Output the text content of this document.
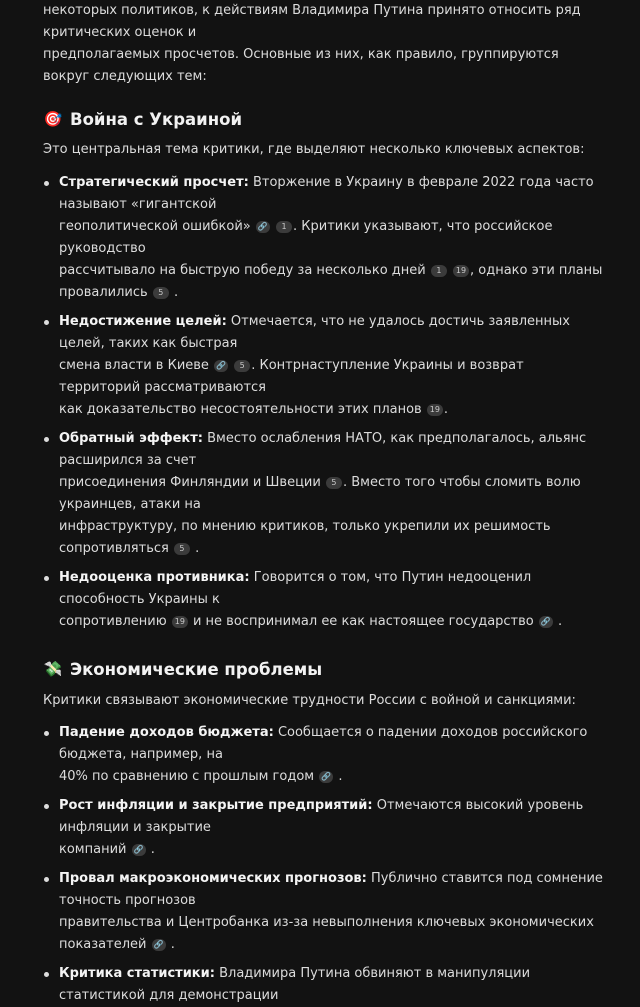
некоторых политиков, к действиям Владимира Путина принято относить ряд критических оценок и
предполагаемых просчетов. Основные из них, как правило, группируются вокруг следующих тем:
🎯 Война с Украиной
Это центральная тема критики, где выделяют несколько ключевых аспектов:
Стратегический просчет: Вторжение в Украину в феврале 2022 года часто называют «гигантской
геополитической ошибкой» 🔗 1 . Критики указывают, что российское руководство
рассчитывало на быструю победу за несколько дней 1 19 , однако эти планы провалились 5 .
Недостижение целей: Отмечается, что не удалось достичь заявленных целей, таких как быстрая
смена власти в Киеве 🔗 5 . Контрнаступление Украины и возврат территорий рассматриваются
как доказательство несостоятельности этих планов 19 .
Обратный эффект: Вместо ослабления НАТО, как предполагалось, альянс расширился за счет
присоединения Финляндии и Швеции 5 . Вместо того чтобы сломить волю украинцев, атаки на
инфраструктуру, по мнению критиков, только укрепили их решимость сопротивляться 5 .
Недооценка противника: Говорится о том, что Путин недооценил способность Украины к
сопротивлению 19 и не воспринимал ее как настоящее государство 🔗 .
💸 Экономические проблемы
Критики связывают экономические трудности России с войной и санкциями:
Падение доходов бюджета: Сообщается о падении доходов российского бюджета, например, на
40% по сравнению с прошлым годом 🔗 .
Рост инфляции и закрытие предприятий: Отмечаются высокий уровень инфляции и закрытие
компаний 🔗 .
Провал макроэкономических прогнозов: Публично ставится под сомнение точность прогнозов
правительства и Центробанка из-за невыполнения ключевых экономических показателей 🔗 .
Критика статистики: Владимира Путина обвиняют в манипуляции статистикой для демонстрации
